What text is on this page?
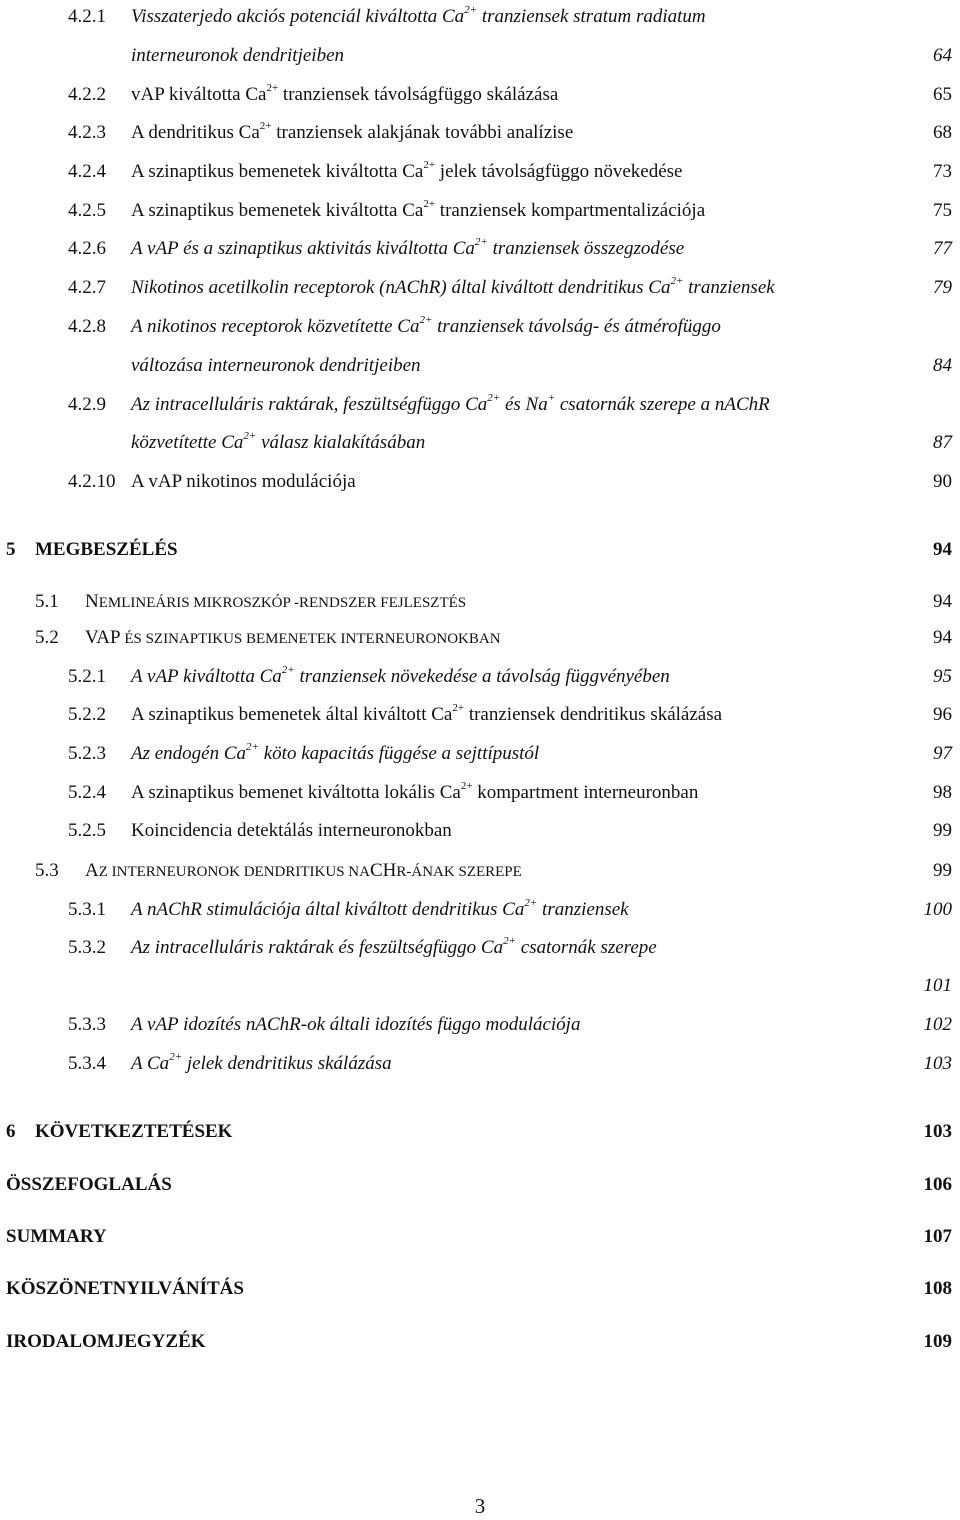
4.2.1 Visszaterjedo akciós potenciál kiváltotta $Ca^{2+}$ tranziensek stratum radiatum
interneuronok dendritjeiben	64
4.2.2 vAP kiváltotta $Ca^{2+}$ tranziensek távolságfüggo skálázása	65
4.2.3 A dendritikus $Ca^{2+}$ tranziensek alakjának további analízise	68
4.2.4 A szinaptikus bemenetek kiváltotta $Ca^{2+}$ jelek távolságfüggo növekedése	73
4.2.5 A szinaptikus bemenetek kiváltotta $Ca^{2+}$ tranziensek kompartmentalizációja	75
4.2.6 A vAP és a szinaptikus aktivitás kiváltotta $Ca^{2+}$ tranziensek összegzodése	77
4.2.7 Nikotinos acetilkolin receptorok (nAChR) által kiváltott dendritikus $Ca^{2+}$ tranziensek	79
4.2.8 A nikotinos receptorok közvetítette $Ca^{2+}$ tranziensek távolság- és átmérofüggo
változása interneuronok dendritjeiben	84
4.2.9 Az intracelluláris raktárak, feszültségfüggo $Ca^{2+}$ és Na+ csatornák szerepe a nAChR
közvetítette $Ca^{2+}$ válasz kialakításában	87
4.2.10 A vAP nikotinos modulációja	90
5 MEGBESZÉLÉS	94
5.1 NEMLINEÁRIS MIKROSZKÓP -RENDSZER FEJLESZTÉS	94
5.2 VAP ÉS SZINAPTIKUS BEMENETEK INTERNEURONOKBAN	94
5.2.1 A vAP kiváltotta $Ca^{2+}$ tranziensek növekedése a távolság függvényében	95
5.2.2 A szinaptikus bemenetek által kiváltott $Ca^{2+}$ tranziensek dendritikus skálázása	96
5.2.3 Az endogén $Ca^{2+}$ köto kapacitás függése a sejttípustól	97
5.2.4 A szinaptikus bemenet kiváltotta lokális $Ca^{2+}$ kompartment interneuronban	98
5.2.5 Koincidencia detektálás interneuronokban	99
5.3 AZ INTERNEURONOK DENDRITIKUS NACHR-ÁNAK SZEREPE	99
5.3.1 A nAChR stimulációja által kiváltott dendritikus $Ca^{2+}$ tranziensek	100
5.3.2 Az intracelluláris raktárak és feszültségfüggo $Ca^{2+}$ csatornák szerepe
101
5.3.3 A vAP idozítés nAChR-ok általi idozítés függo modulációja	102
5.3.4 A $Ca^{2+}$ jelek dendritikus skálázása	103
6 KÖVETKEZTETÉSEK	103
ÖSSZEFOGLALÁS	106
SUMMARY	107
KÖSZÖNETNYILVÁNÍTÁS	108
IRODALOMJEGYZÉK	109
3
